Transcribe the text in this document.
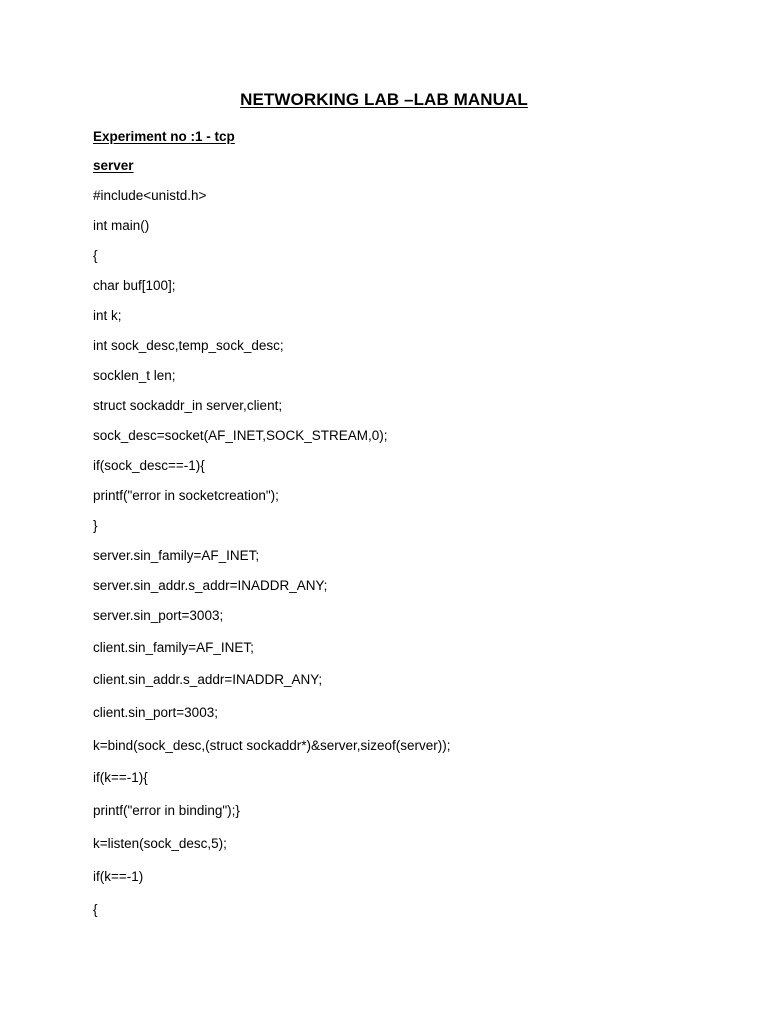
NETWORKING LAB –LAB MANUAL
Experiment no :1 - tcp
server
#include<unistd.h>
int main()
{
char buf[100];
int k;
int sock_desc,temp_sock_desc;
socklen_t len;
struct sockaddr_in server,client;
sock_desc=socket(AF_INET,SOCK_STREAM,0);
if(sock_desc==-1){
printf("error in socketcreation");
}
server.sin_family=AF_INET;
server.sin_addr.s_addr=INADDR_ANY;
server.sin_port=3003;
client.sin_family=AF_INET;
client.sin_addr.s_addr=INADDR_ANY;
client.sin_port=3003;
k=bind(sock_desc,(struct sockaddr*)&server,sizeof(server));
if(k==-1){
printf("error in binding");}
k=listen(sock_desc,5);
if(k==-1)
{
